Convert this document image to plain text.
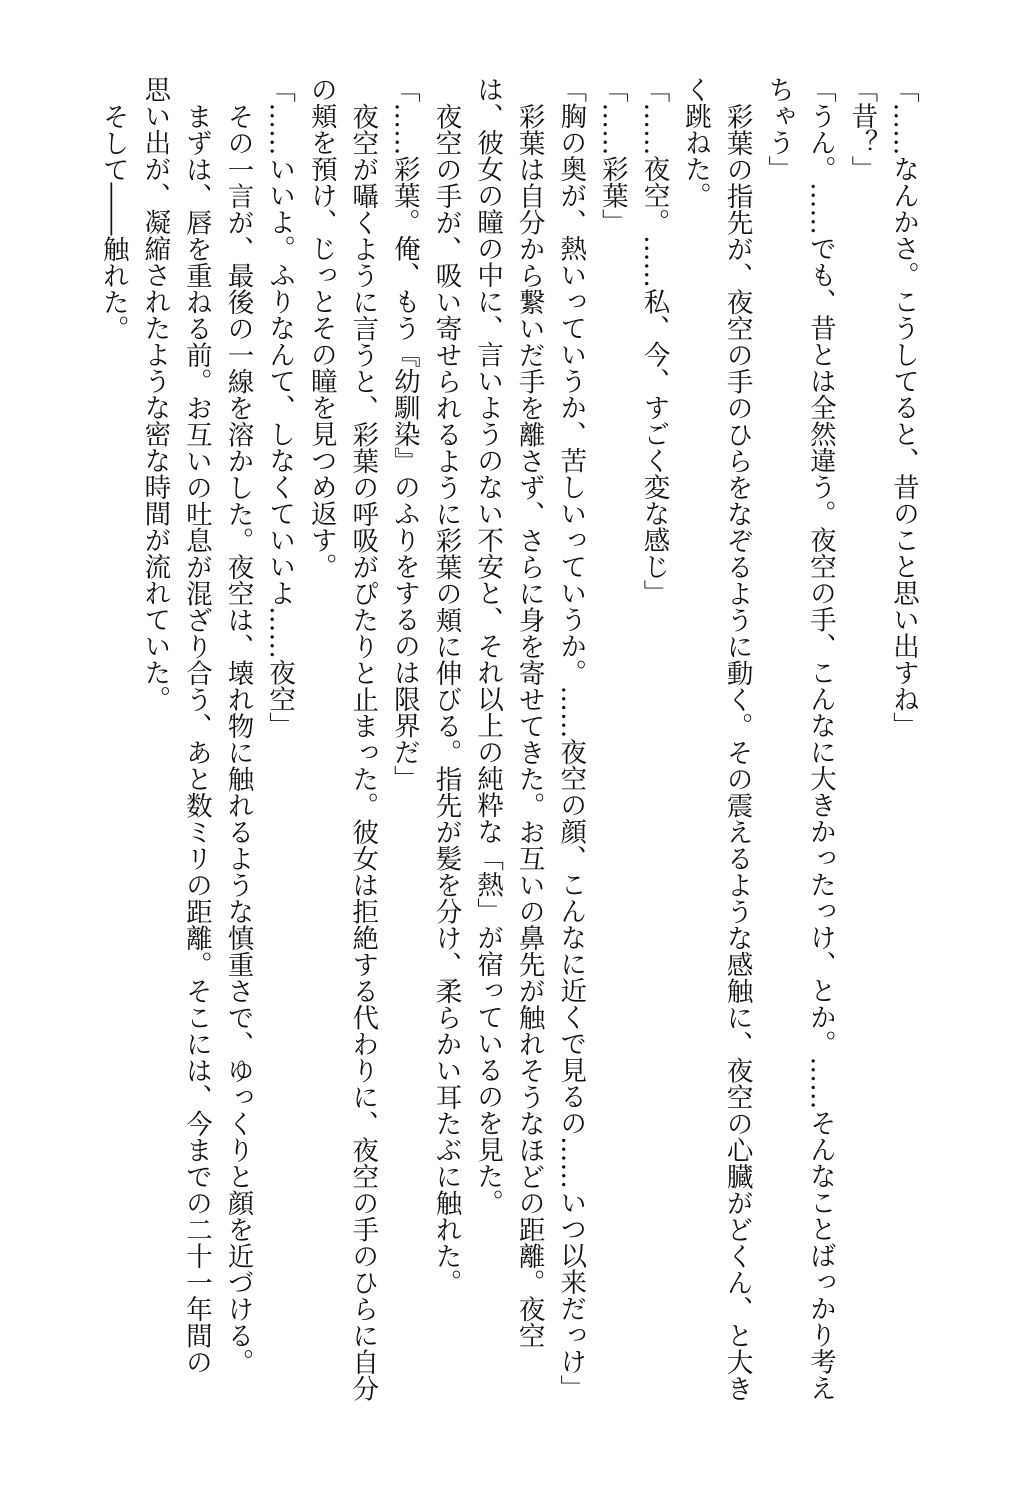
「……なんかさ。こうしてると、昔のこと思い出すね」
「昔？」
「うん。……でも、昔とは全然違う。夜空の手、こんなに大きかったっけ、とか。……そんなことばっかり考え
ちゃう」
彩葉の指先が、夜空の手のひらをなぞるように動く。その震えるような感触に、夜空の心臓がどくん、と大き
く跳ねた。
「……夜空。……私、今、すごく変な感じ」
「……彩葉」
「胸の奥が、熱いっていうか、苦しいっていうか。……夜空の顔、こんなに近くで見るの……いつ以来だっけ」
彩葉は自分から繋いだ手を離さず、さらに身を寄せてきた。お互いの鼻先が触れそうなほどの距離。夜空
は、彼女の瞳の中に、言いようのない不安と、それ以上の純粋な「熱」が宿っているのを見た。
夜空の手が、吸い寄せられるように彩葉の頬に伸びる。指先が髪を分け、柔らかい耳たぶに触れた。
「……彩葉。俺、もう『幼馴染』のふりをするのは限界だ」
夜空が囁くように言うと、彩葉の呼吸がぴたりと止まった。彼女は拒絶する代わりに、夜空の手のひらに自分
の頬を預け、じっとその瞳を見つめ返す。
「……いいよ。ふりなんて、しなくていいよ……夜空」
その一言が、最後の一線を溶かした。夜空は、壊れ物に触れるような慎重さで、ゆっくりと顔を近づける。
まずは、唇を重ねる前。お互いの吐息が混ざり合う、あと数ミリの距離。そこには、今までの二十一年間の
思い出が、凝縮されたような密な時間が流れていた。
そして――触れた。
